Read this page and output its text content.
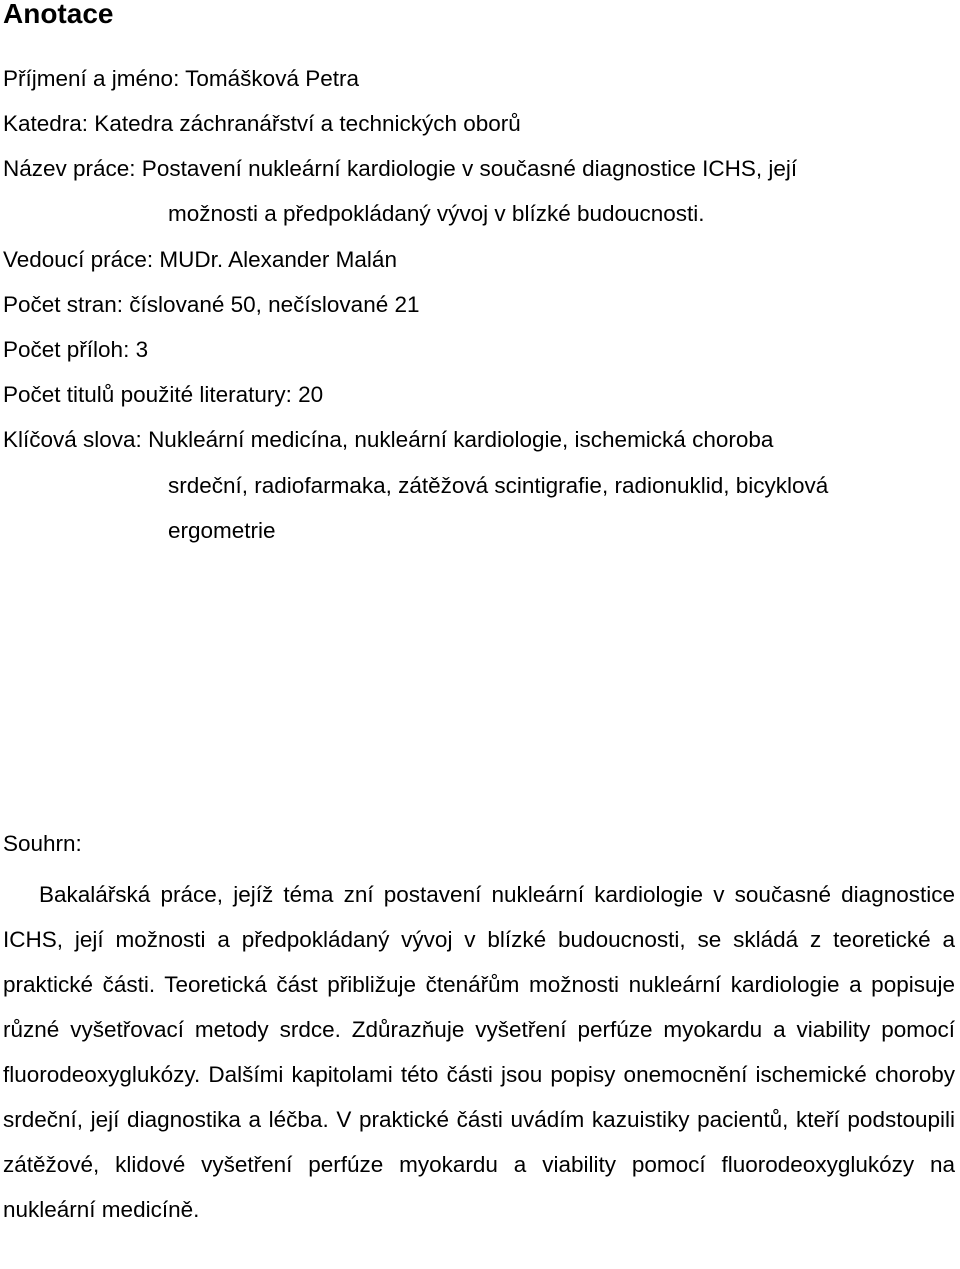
Anotace

Příjmení a jméno: Tomášková Petra

Katedra: Katedra záchranářství a technických oborů

Název práce: Postavení nukleární kardiologie v současné diagnostice ICHS, její

možnosti a předpokládaný vývoj v blízké budoucnosti.

Vedoucí práce: MUDr. Alexander Malán

Počet stran: číslované 50, nečíslované 21

Počet příloh: 3

Počet titulů použité literatury: 20

Klíčová slova: Nukleární medicína, nukleární kardiologie, ischemická choroba

srdeční, radiofarmaka, zátěžová scintigrafie, radionuklid, bicyklová

ergometrie

Souhrn:

Bakalářská práce, jejíž téma zní postavení nukleární kardiologie v současné diagnostice ICHS, její možnosti a předpokládaný vývoj v blízké budoucnosti, se skládá z teoretické a praktické části. Teoretická část přibližuje čtenářům možnosti nukleární kardiologie a popisuje různé vyšetřovací metody srdce. Zdůrazňuje vyšetření perfúze myokardu a viability pomocí fluorodeoxyglukózy. Dalšími kapitolami této části jsou popisy onemocnění ischemické choroby srdeční, její diagnostika a léčba. V praktické části uvádím kazuistiky pacientů, kteří podstoupili zátěžové, klidové vyšetření perfúze myokardu a viability pomocí fluorodeoxyglukózy na nukleární medicíně.
